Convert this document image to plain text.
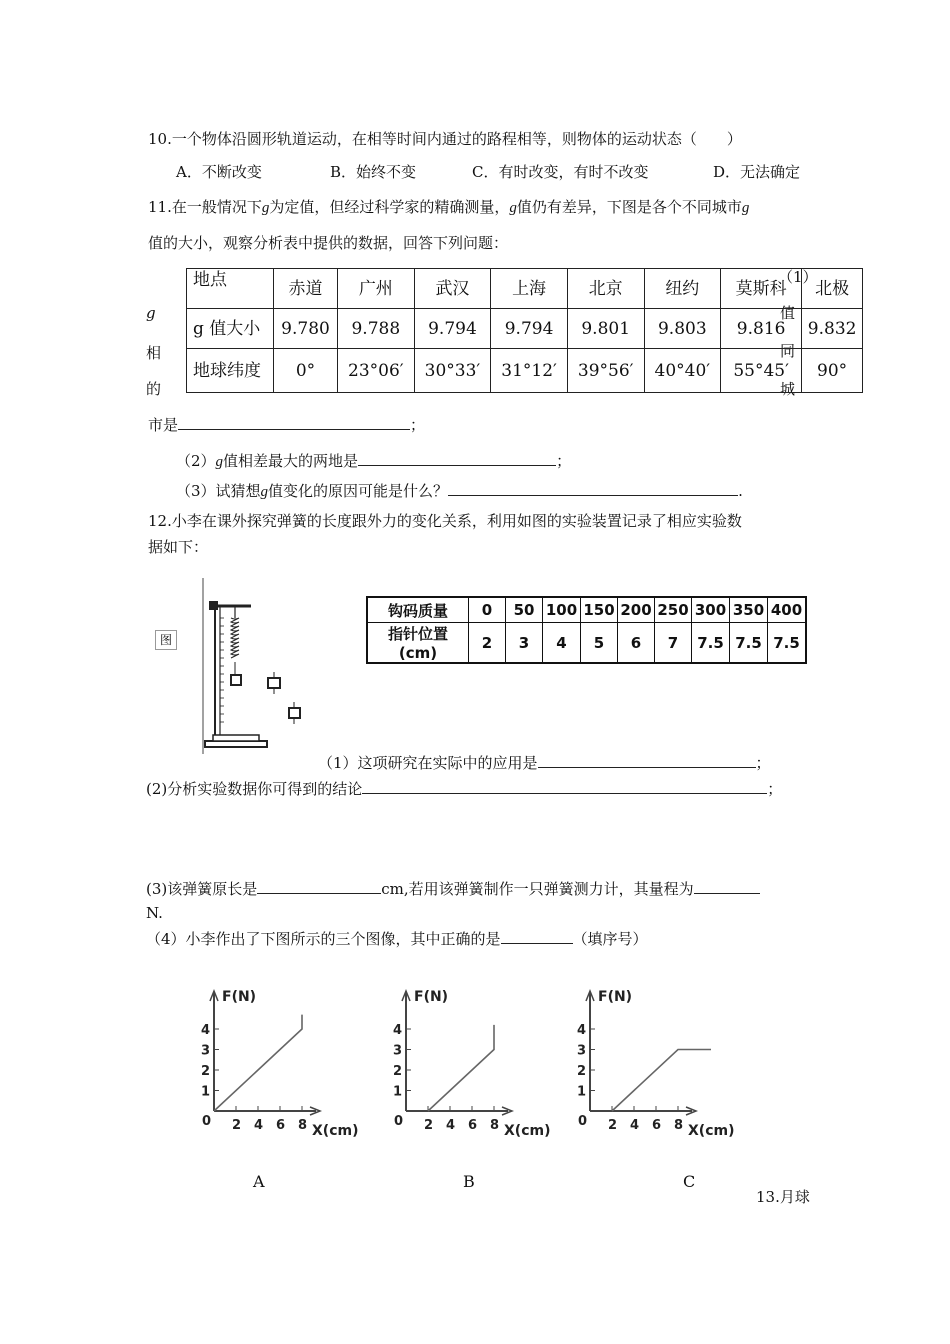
10.一个物体沿圆形轨道运动，在相等时间内通过的路程相等，则物体的运动状态（　　）
A．不断改变	B．始终不变	C．有时改变，有时不改变	D．无法确定
11.在一般情况下g为定值，但经过科学家的精确测量，g值仍有差异，下图是各个不同城市g
值的大小，观察分析表中提供的数据，回答下列问题：
g
相
的
（1）
值
同
城
地点	赤道	广州	武汉	上海	北京	纽约	莫斯科	北极
g 值大小	9.780	9.788	9.794	9.794	9.801	9.803	9.816	9.832
地球纬度	0°	23°06′	30°33′	31°12′	39°56′	40°40′	55°45′	90°
市是	；
（2）g值相差最大的两地是	；
（3）试猜想g值变化的原因可能是什么？	.
12.小李在课外探究弹簧的长度跟外力的变化关系，利用如图的实验装置记录了相应实验数
据如下：
图
钩码质量	0	50	100	150	200	250	300	350	400
指针位置(cm)	2	3	4	5	6	7	7.5	7.5	7.5
（1）这项研究在实际中的应用是	；
(2)分析实验数据你可得到的结论	；
(3)该弹簧原长是	cm,若用该弹簧制作一只弹簧测力计，其量程为
N.
（4）小李作出了下图所示的三个图像，其中正确的是	（填序号）
F(N)
X(cm)
0
1
2
3
4
2 4 6 8
F(N)
X(cm)
0
1
2
3
4
2 4 6 8
F(N)
X(cm)
0
1
2
3
4
2 4 6 8
A	B	C
13.月球
